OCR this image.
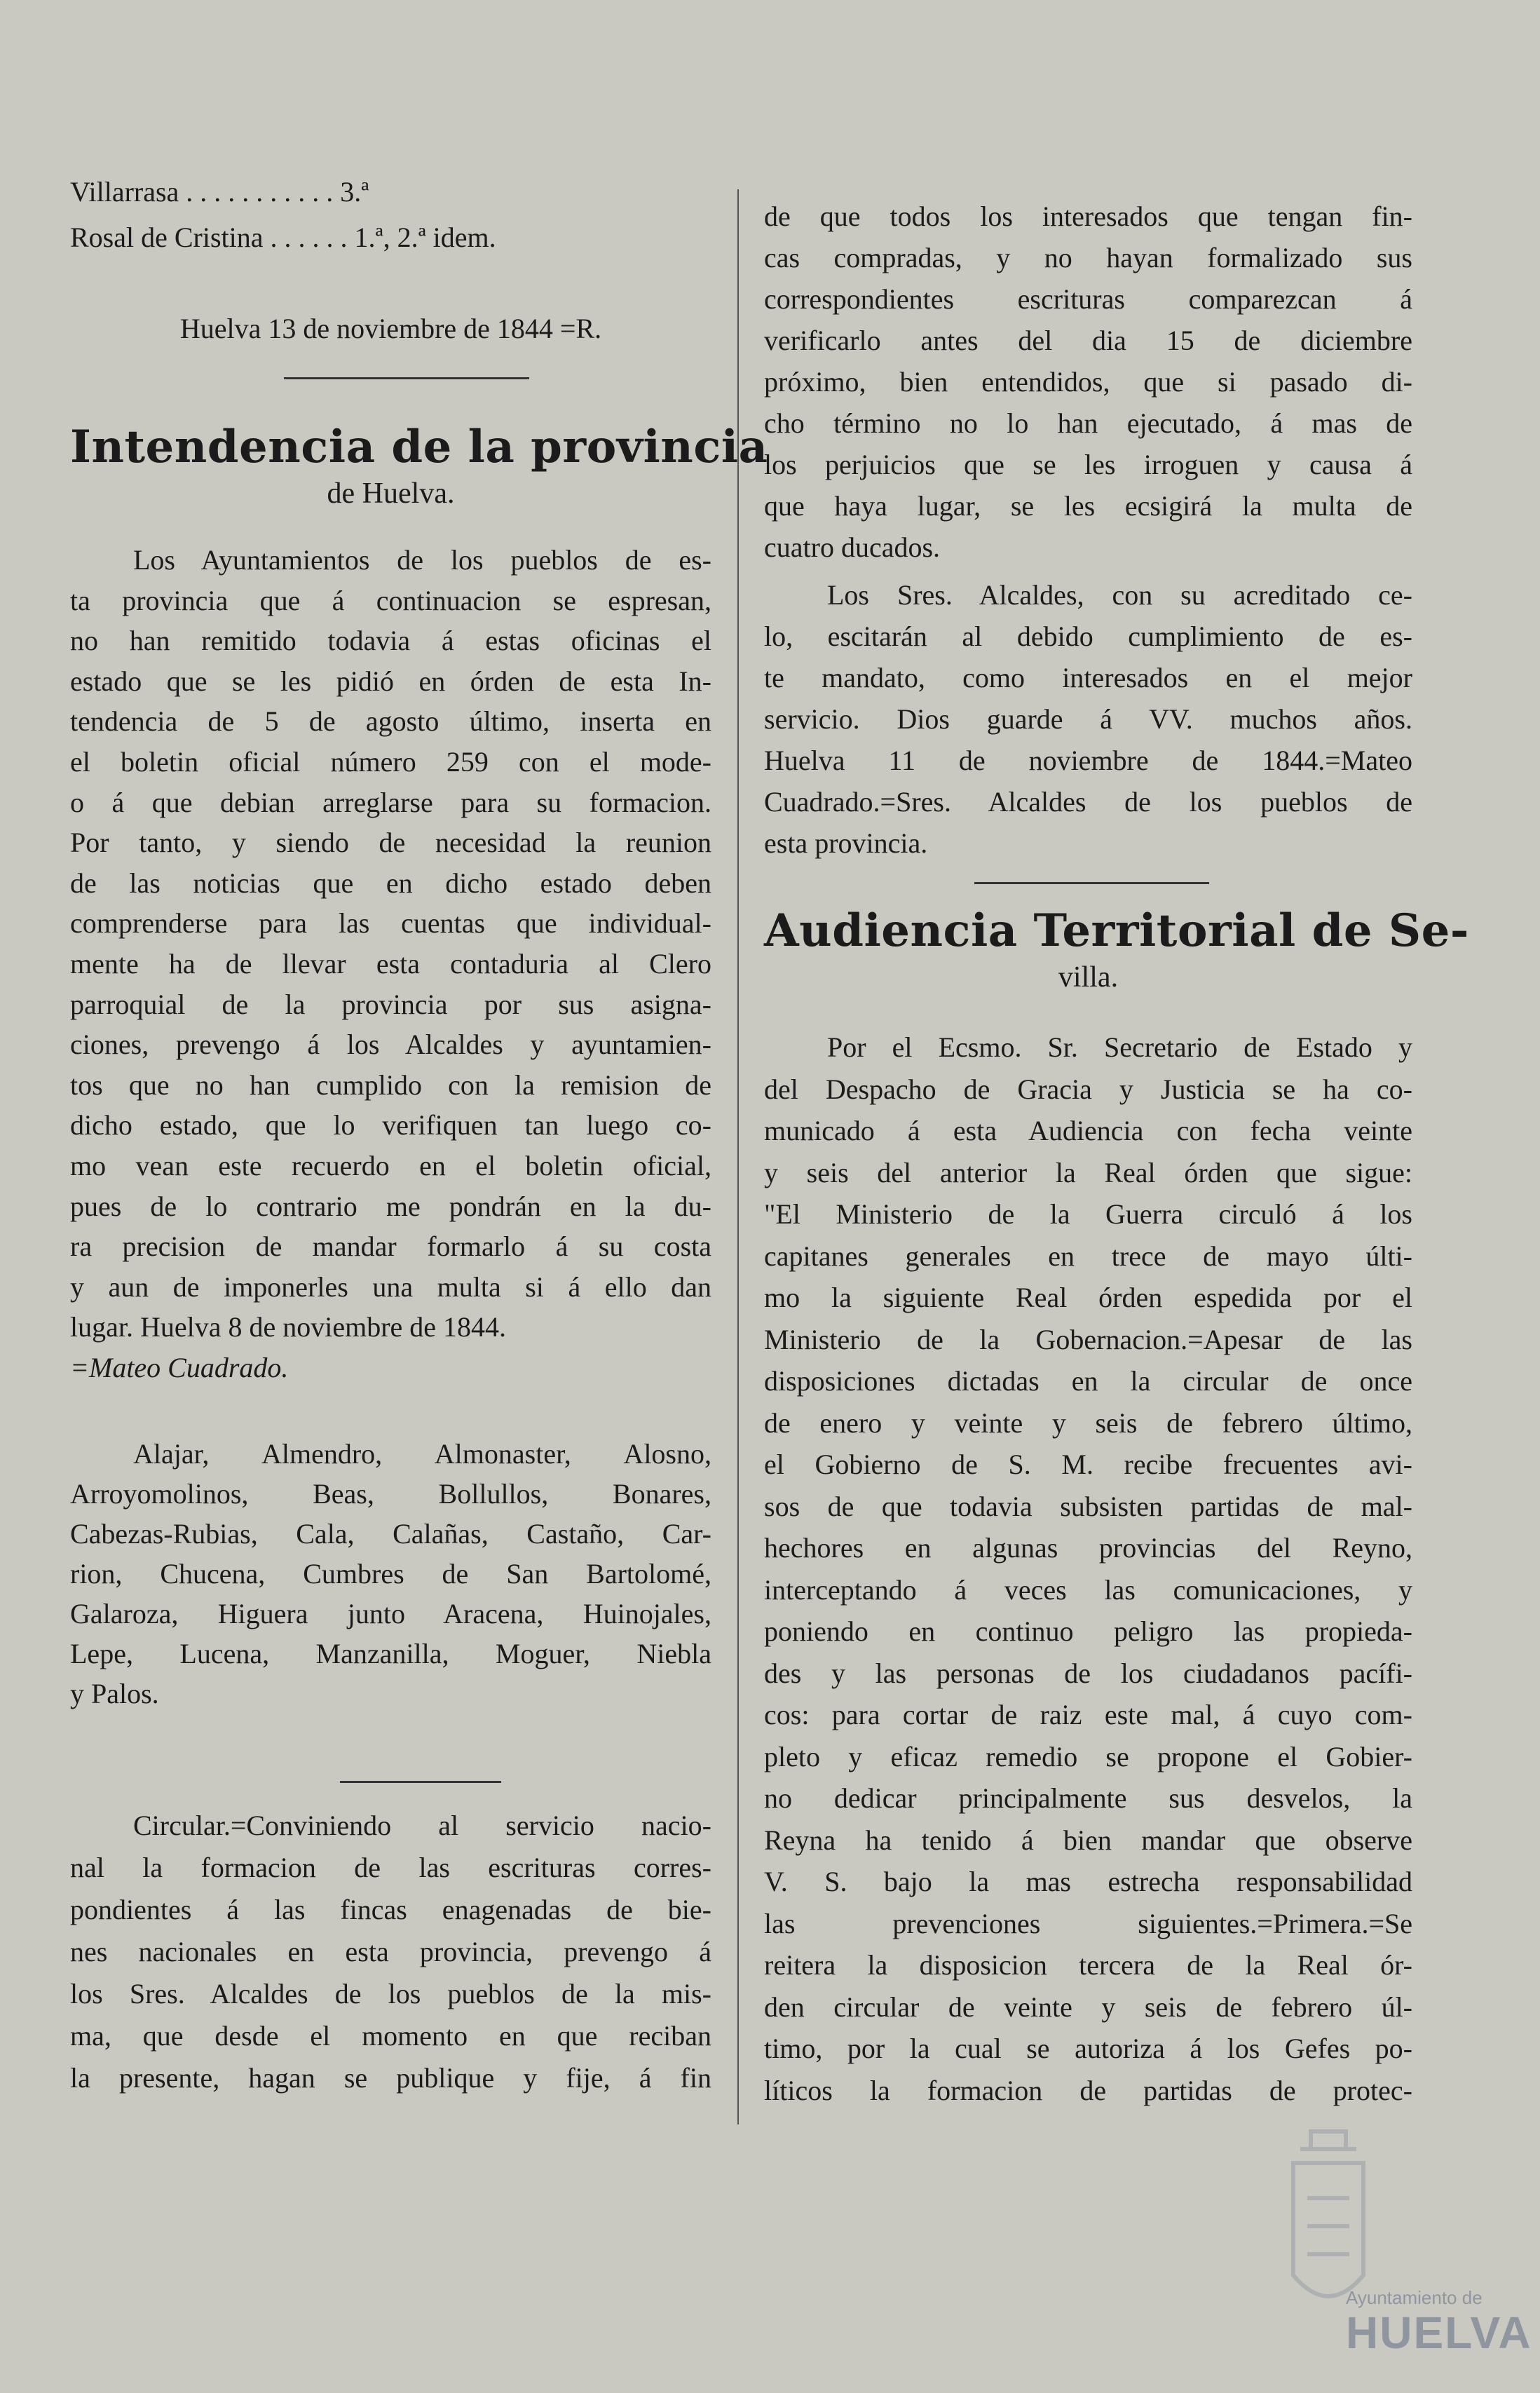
Villarrasa . . . . . . . . . . . 3.ª
Rosal de Cristina . . . . . . 1.ª, 2.ª idem.
Huelva 13 de noviembre de 1844 =R.
Intendencia de la provincia
de Huelva.
Los Ayuntamientos de los pueblos de es-
ta provincia que á continuacion se espresan,
no han remitido todavia á estas oficinas el
estado que se les pidió en órden de esta In-
tendencia de 5 de agosto último, inserta en
el boletin oficial número 259 con el mode-
o á que debian arreglarse para su formacion.
Por tanto, y siendo de necesidad la reunion
de las noticias que en dicho estado deben
comprenderse para las cuentas que individual-
mente ha de llevar esta contaduria al Clero
parroquial de la provincia por sus asigna-
ciones, prevengo á los Alcaldes y ayuntamien-
tos que no han cumplido con la remision de
dicho estado, que lo verifiquen tan luego co-
mo vean este recuerdo en el boletin oficial,
pues de lo contrario me pondrán en la du-
ra precision de mandar formarlo á su costa
y aun de imponerles una multa si á ello dan
lugar. Huelva 8 de noviembre de 1844.
=Mateo Cuadrado.
Alajar, Almendro, Almonaster, Alosno,
Arroyomolinos, Beas, Bollullos, Bonares,
Cabezas-Rubias, Cala, Calañas, Castaño, Car-
rion, Chucena, Cumbres de San Bartolomé,
Galaroza, Higuera junto Aracena, Huinojales,
Lepe, Lucena, Manzanilla, Moguer, Niebla
y Palos.
Circular.=Conviniendo al servicio nacio-
nal la formacion de las escrituras corres-
pondientes á las fincas enagenadas de bie-
nes nacionales en esta provincia, prevengo á
los Sres. Alcaldes de los pueblos de la mis-
ma, que desde el momento en que reciban
la presente, hagan se publique y fije, á fin
de que todos los interesados que tengan fin-
cas compradas, y no hayan formalizado sus
correspondientes escrituras comparezcan á
verificarlo antes del dia 15 de diciembre
próximo, bien entendidos, que si pasado di-
cho término no lo han ejecutado, á mas de
los perjuicios que se les irroguen y causa á
que haya lugar, se les ecsigirá la multa de
cuatro ducados.
Los Sres. Alcaldes, con su acreditado ce-
lo, escitarán al debido cumplimiento de es-
te mandato, como interesados en el mejor
servicio. Dios guarde á VV. muchos años.
Huelva 11 de noviembre de 1844.=Mateo
Cuadrado.=Sres. Alcaldes de los pueblos de
esta provincia.
Audiencia Territorial de Se-
villa.
Por el Ecsmo. Sr. Secretario de Estado y
del Despacho de Gracia y Justicia se ha co-
municado á esta Audiencia con fecha veinte
y seis del anterior la Real órden que sigue:
"El Ministerio de la Guerra circuló á los
capitanes generales en trece de mayo últi-
mo la siguiente Real órden espedida por el
Ministerio de la Gobernacion.=Apesar de las
disposiciones dictadas en la circular de once
de enero y veinte y seis de febrero último,
el Gobierno de S. M. recibe frecuentes avi-
sos de que todavia subsisten partidas de mal-
hechores en algunas provincias del Reyno,
interceptando á veces las comunicaciones, y
poniendo en continuo peligro las propieda-
des y las personas de los ciudadanos pacífi-
cos: para cortar de raiz este mal, á cuyo com-
pleto y eficaz remedio se propone el Gobier-
no dedicar principalmente sus desvelos, la
Reyna ha tenido á bien mandar que observe
V. S. bajo la mas estrecha responsabilidad
las prevenciones siguientes.=Primera.=Se
reitera la disposicion tercera de la Real ór-
den circular de veinte y seis de febrero úl-
timo, por la cual se autoriza á los Gefes po-
líticos la formacion de partidas de protec-
Ayuntamiento de
HUELVA
